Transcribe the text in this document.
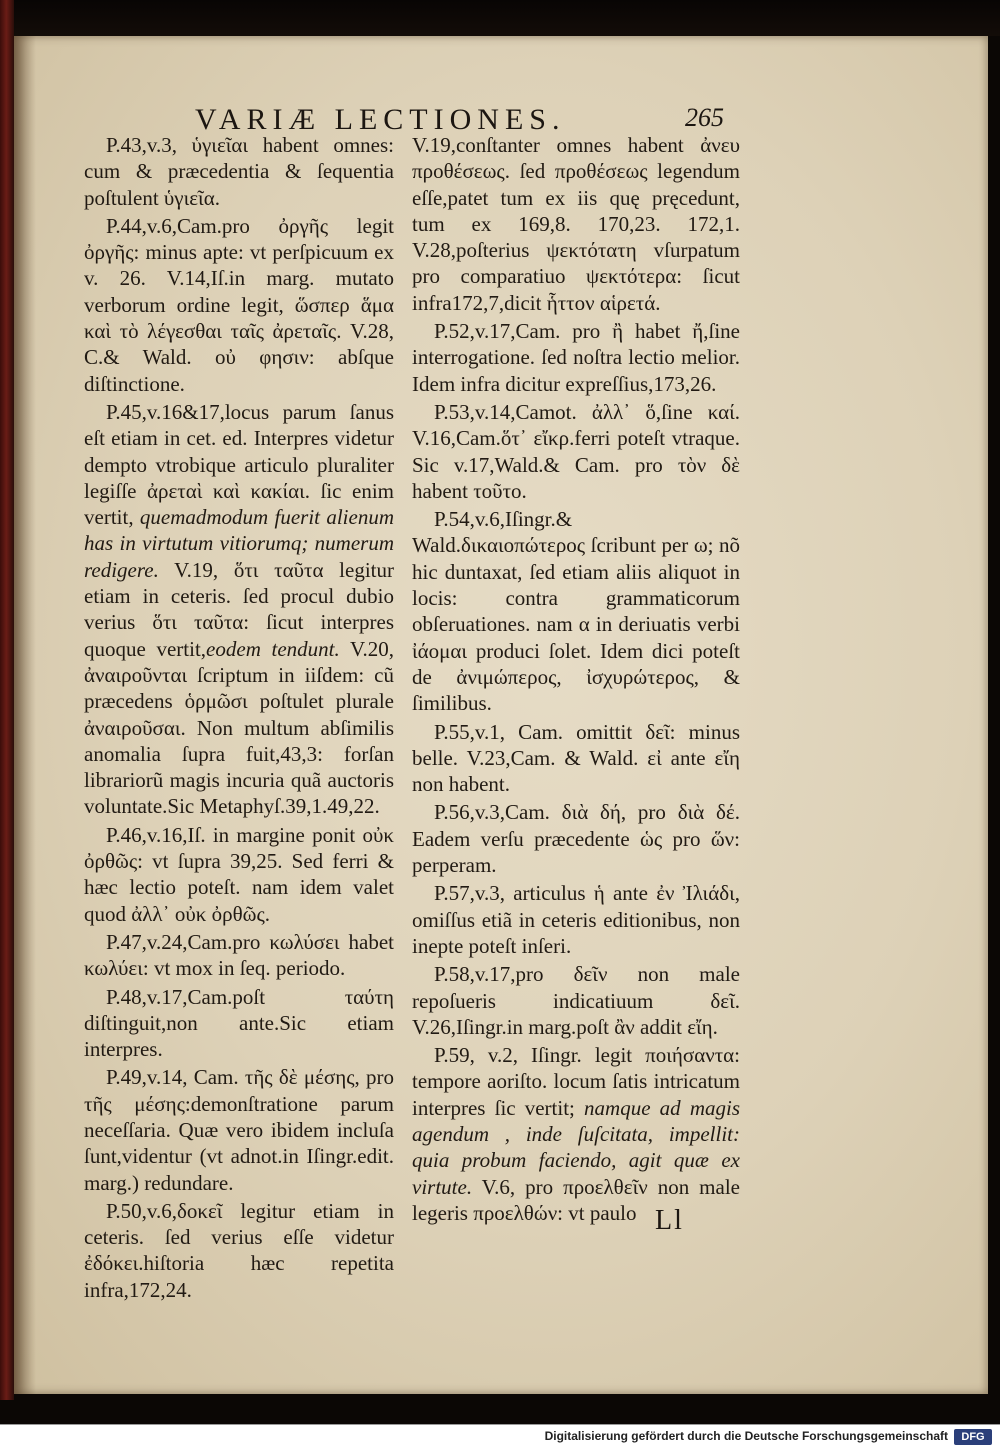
VARIÆ LECTIONES.	265

P.43,v.3, ὑγιεῖαι habent omnes: cum & præcedentia & ſequentia poſtulent ὑγιεῖα.

P.44,v.6,Cam.pro ὀργῆς legit ὀργῆς: minus apte: vt perſpicuum ex v. 26. V.14,Iſ.in marg. mutato verborum ordine legit, ὥσπερ ἅμα καὶ τὸ λέγεσθαι ταῖς ἀρεταῖς. V.28, C.& Wald. οὐ φησιν: abſque diſtinctione.

P.45,v.16&17,locus parum ſanus eſt etiam in cet. ed. Interpres videtur dempto vtrobique articulo pluraliter legiſſe ἀρεταὶ καὶ κακίαι. ſic enim vertit, quemadmodum fuerit alienum has in virtutum vitiorumq; numerum redigere. V.19, ὅτι ταῦτα legitur etiam in ceteris. ſed procul dubio verius ὅτι ταῦτα: ſicut interpres quoque vertit,eodem tendunt. V.20, ἀναιροῦνται ſcriptum in iiſdem: cũ præcedens ὁρμῶσι poſtulet plurale ἀναιροῦσαι. Non multum abſimilis anomalia ſupra fuit,43,3: forſan librariorũ magis incuria quã auctoris voluntate.Sic Metaphyſ.39,1.49,22.

P.46,v.16,Iſ. in margine ponit οὐκ ὀρθῶς: vt ſupra 39,25. Sed ferri & hæc lectio poteſt. nam idem valet quod ἀλλ᾽ οὐκ ὀρθῶς.

P.47,v.24,Cam.pro κωλύσει habet κωλύει: vt mox in ſeq. periodo.

P.48,v.17,Cam.poſt ταύτη diſtinguit,non ante.Sic etiam interpres.

P.49,v.14, Cam. τῆς δὲ μέσης, pro τῆς μέσης:demonſtratione parum neceſſaria. Quæ vero ibidem incluſa ſunt,videntur (vt adnot.in Iſingr.edit. marg.) redundare.

P.50,v.6,δοκεῖ legitur etiam in ceteris. ſed verius eſſe videtur ἐδόκει.hiſtoria hæc repetita infra,172,24.

V.19,conſtanter omnes habent ἀνευ προθέσεως. ſed προθέσεως legendum eſſe,patet tum ex iis quę pręcedunt, tum ex 169,8. 170,23. 172,1. V.28,poſterius ψεκτότατη vſurpatum pro comparatiuo ψεκτότερα: ſicut infra172,7,dicit ἧττον αἱρετά.

P.52,v.17,Cam. pro ἢ habet ἤ,ſine interrogatione. ſed noſtra lectio melior. Idem infra dicitur expreſſius,173,26.

P.53,v.14,Camot. ἀλλ᾽ ὅ,ſine καί. V.16,Cam.ὅτ᾽ εἴκρ.ferri poteſt vtraque. Sic v.17,Wald.& Cam. pro τὸν δὲ habent τοῦτο.

P.54,v.6,Iſingr.& Wald.δικαιοπώτερος ſcribunt per ω; nõ hic duntaxat, ſed etiam aliis aliquot in locis: contra grammaticorum obſeruationes. nam α in deriuatis verbi ἰάομαι produci ſolet. Idem dici poteſt de ἀνιμώπερος, ἰσχυρώτερος, & ſimilibus.

P.55,v.1, Cam. omittit δεῖ: minus belle. V.23,Cam. & Wald. εἰ ante εἴη non habent.

P.56,v.3,Cam. διὰ δή, pro διὰ δέ. Eadem verſu præcedente ὡς pro ὥν: perperam.

P.57,v.3, articulus ἡ ante ἐν Ἰλιάδι, omiſſus etiã in ceteris editionibus, non inepte poteſt inſeri.

P.58,v.17,pro δεῖν non male repoſueris indicatiuum δεῖ. V.26,Iſingr.in marg.poſt ἂν addit εἴη.

P.59, v.2, Iſingr. legit ποιήσαντα: tempore aoriſto. locum ſatis intricatum interpres ſic vertit; namque ad magis agendum , inde ſuſcitata, impellit: quia probum faciendo, agit quæ ex virtute. V.6, pro προελθεῖν non male legeris προελθών: vt paulo Ll
Digitalisierung gefördert durch die Deutsche Forschungsgemeinschaft	DFG
